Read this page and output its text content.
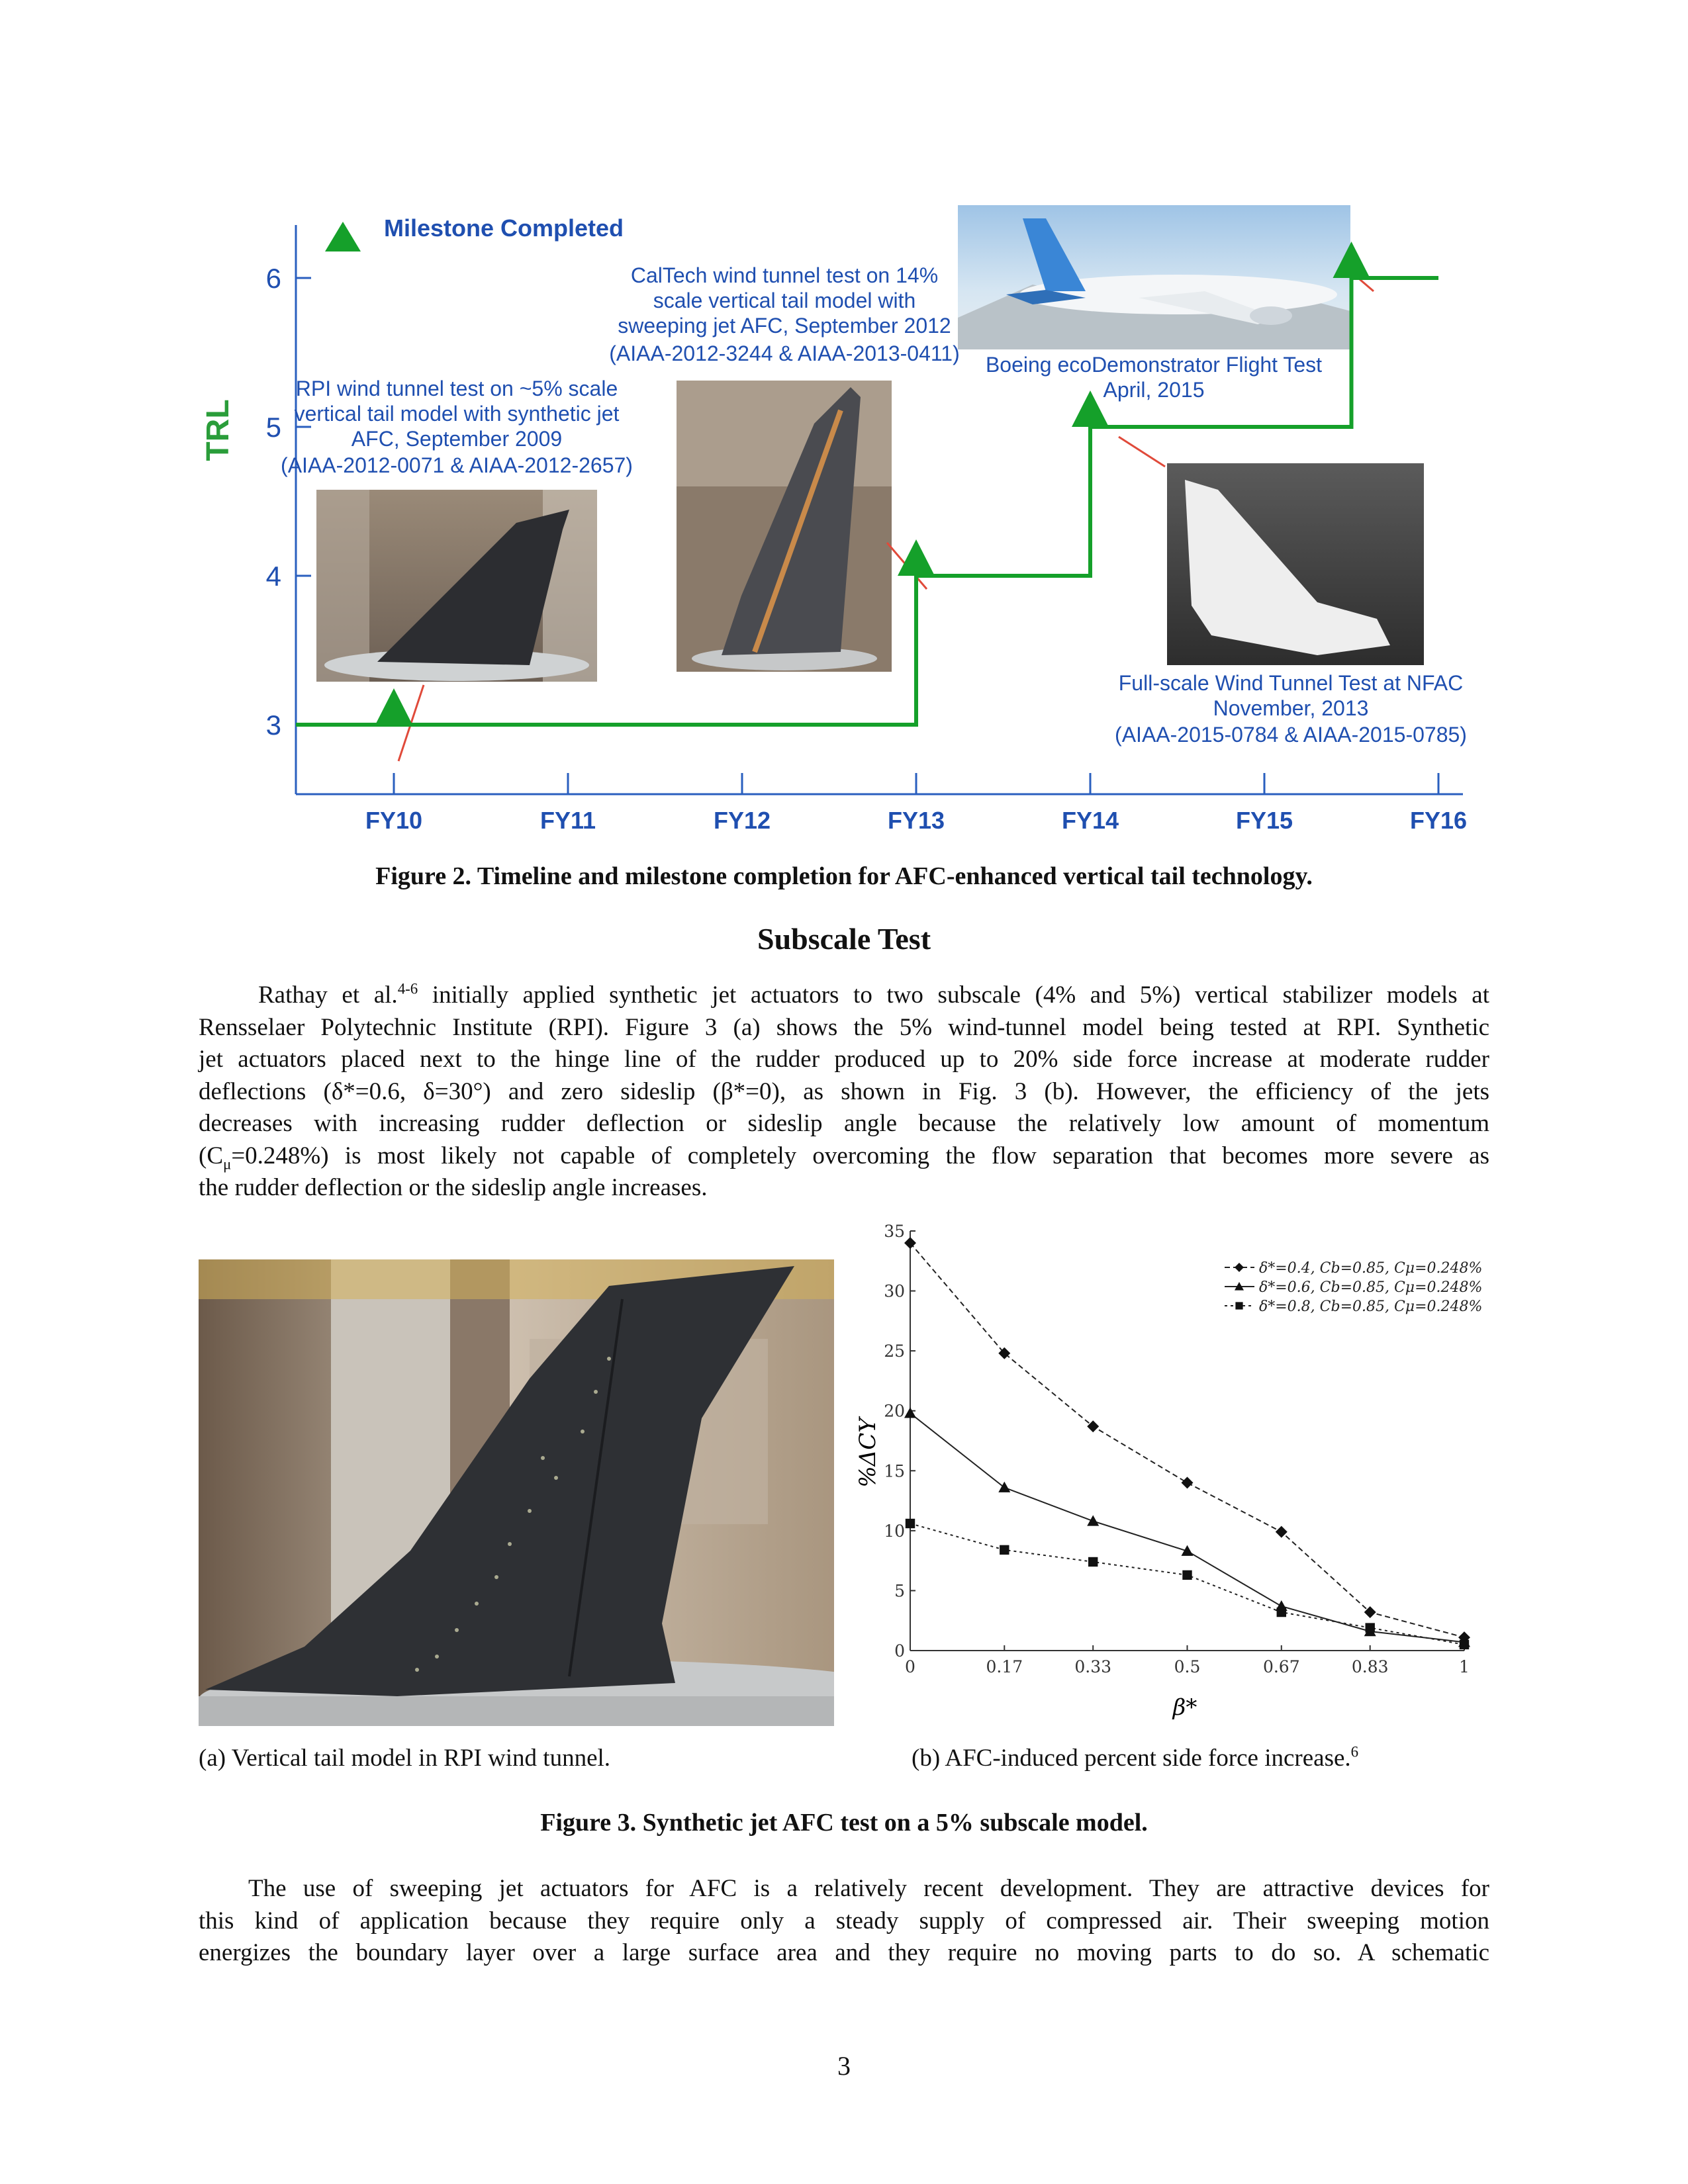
3
4
5
6
FY10	FY11	FY12	FY13	FY14	FY15	FY16
TRL
Milestone Completed
RPI wind tunnel test on ~5% scale
vertical tail model with synthetic jet
AFC, September 2009
(AIAA-2012-0071 & AIAA-2012-2657)
CalTech wind tunnel test on 14%
scale vertical tail model with
sweeping jet AFC, September 2012
(AIAA-2012-3244 & AIAA-2013-0411) Boeing ecoDemonstrator Flight Test
April, 2015
Full-scale Wind Tunnel Test at NFAC
November, 2013
(AIAA-2015-0784 & AIAA-2015-0785)
Figure 2. Timeline and milestone completion for AFC-enhanced vertical tail technology.
Subscale Test
Rathay et al.$^{4-6}$ initially applied synthetic jet actuators to two subscale (4% and 5%) vertical stabilizer models at
Rensselaer Polytechnic Institute (RPI). Figure 3 (a) shows the 5% wind-tunnel model being tested at RPI. Synthetic
jet actuators placed next to the hinge line of the rudder produced up to 20% side force increase at moderate rudder
deflections (δ*=0.6, δ=30°) and zero sideslip (β*=0), as shown in Fig. 3 (b). However, the efficiency of the jets
decreases with increasing rudder deflection or sideslip angle because the relatively low amount of momentum
$(C_\mu=0.248\%)$ is most likely not capable of completely overcoming the flow separation that becomes more severe as
the rudder deflection or the sideslip angle increases.
0
5
10
15
20
25
30
35
0	0.17	0.33	0.5	0.67	0.83	1
δ*=0.4, Cb=0.85, Cμ=0.248%
δ*=0.6, Cb=0.85, Cμ=0.248%
δ*=0.8, Cb=0.85, Cμ=0.248%
%ΔCY
β*
(a) Vertical tail model in RPI wind tunnel.	(b) AFC-induced percent side force increase.$^6$
Figure 3. Synthetic jet AFC test on a 5% subscale model.
The use of sweeping jet actuators for AFC is a relatively recent development. They are attractive devices for
this kind of application because they require only a steady supply of compressed air. Their sweeping motion
energizes the boundary layer over a large surface area and they require no moving parts to do so. A schematic
3
